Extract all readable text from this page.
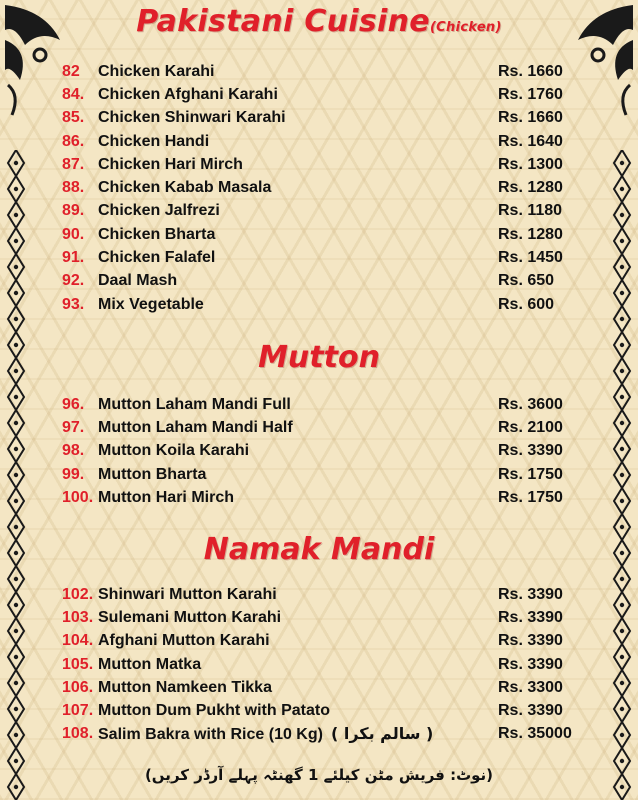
Pakistani Cuisine(Chicken)
82	Chicken Karahi	Rs. 1660
84. Chicken Afghani Karahi	Rs. 1760
85. Chicken Shinwari Karahi	Rs. 1660
86. Chicken Handi	Rs. 1640
87. Chicken Hari Mirch	Rs. 1300
88. Chicken Kabab Masala	Rs. 1280
89. Chicken Jalfrezi	Rs. 1180
90. Chicken Bharta	Rs. 1280
91. Chicken Falafel	Rs. 1450
92. Daal Mash	Rs. 650
93. Mix Vegetable	Rs. 600
Mutton
96. Mutton Laham Mandi Full	Rs. 3600
97. Mutton Laham Mandi Half	Rs. 2100
98. Mutton Koila Karahi	Rs. 3390
99. Mutton Bharta	Rs. 1750
100. Mutton Hari Mirch	Rs. 1750
Namak Mandi
102. Shinwari Mutton Karahi	Rs. 3390
103. Sulemani Mutton Karahi	Rs. 3390
104. Afghani Mutton Karahi	Rs. 3390
105. Mutton Matka	Rs. 3390
106. Mutton Namkeen Tikka	Rs. 3300
107. Mutton Dum Pukht with Patato	Rs. 3390
108. Salim Bakra with Rice (10 Kg) ( سالم بکرا )	Rs. 35000
(نوٹ: فریش مٹن کیلئے 1 گھنٹہ پہلے آرڈر کریں)
